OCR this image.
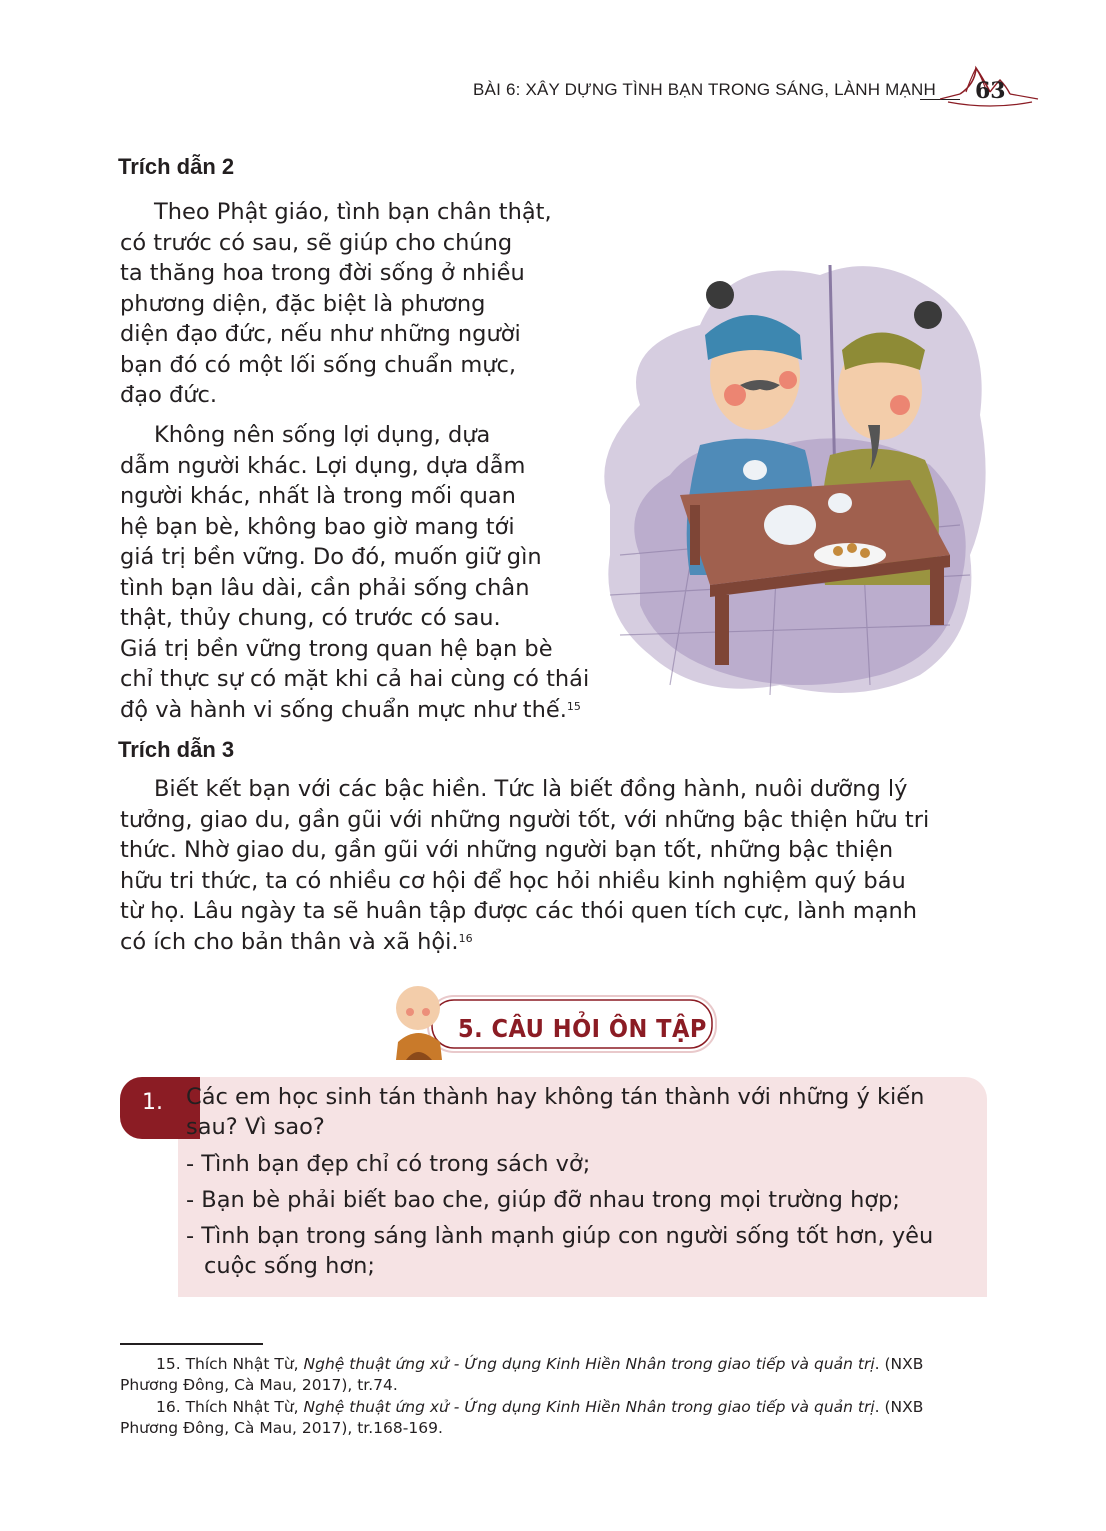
BÀI 6: XÂY DỰNG TÌNH BẠN TRONG SÁNG, LÀNH MẠNH 63
Trích dẫn 2

Theo Phật giáo, tình bạn chân thật,
có trước có sau, sẽ giúp cho chúng
ta thăng hoa trong đời sống ở nhiều
phương diện, đặc biệt là phương
diện đạo đức, nếu như những người
bạn đó có một lối sống chuẩn mực,
đạo đức.

Không nên sống lợi dụng, dựa
dẫm người khác. Lợi dụng, dựa dẫm
người khác, nhất là trong mối quan
hệ bạn bè, không bao giờ mang tới
giá trị bền vững. Do đó, muốn giữ gìn
tình bạn lâu dài, cần phải sống chân
thật, thủy chung, có trước có sau.
Giá trị bền vững trong quan hệ bạn bè
chỉ thực sự có mặt khi cả hai cùng có thái
độ và hành vi sống chuẩn mực như thế.$^{15}$

Trích dẫn 3

Biết kết bạn với các bậc hiền. Tức là biết đồng hành, nuôi dưỡng lý
tưởng, giao du, gần gũi với những người tốt, với những bậc thiện hữu tri
thức. Nhờ giao du, gần gũi với những người bạn tốt, những bậc thiện
hữu tri thức, ta có nhiều cơ hội để học hỏi nhiều kinh nghiệm quý báu
từ họ. Lâu ngày ta sẽ huân tập được các thói quen tích cực, lành mạnh
có ích cho bản thân và xã hội.$^{16}$

5. CÂU HỎI ÔN TẬP
1. Các em học sinh tán thành hay không tán thành với những ý kiến
sau? Vì sao?
- Tình bạn đẹp chỉ có trong sách vở;
- Bạn bè phải biết bao che, giúp đỡ nhau trong mọi trường hợp;
- Tình bạn trong sáng lành mạnh giúp con người sống tốt hơn, yêu
cuộc sống hơn;
15. Thích Nhật Từ, Nghệ thuật ứng xử - Ứng dụng Kinh Hiền Nhân trong giao tiếp và quản trị. (NXB
Phương Đông, Cà Mau, 2017), tr.74.
16. Thích Nhật Từ, Nghệ thuật ứng xử - Ứng dụng Kinh Hiền Nhân trong giao tiếp và quản trị. (NXB
Phương Đông, Cà Mau, 2017), tr.168-169.
